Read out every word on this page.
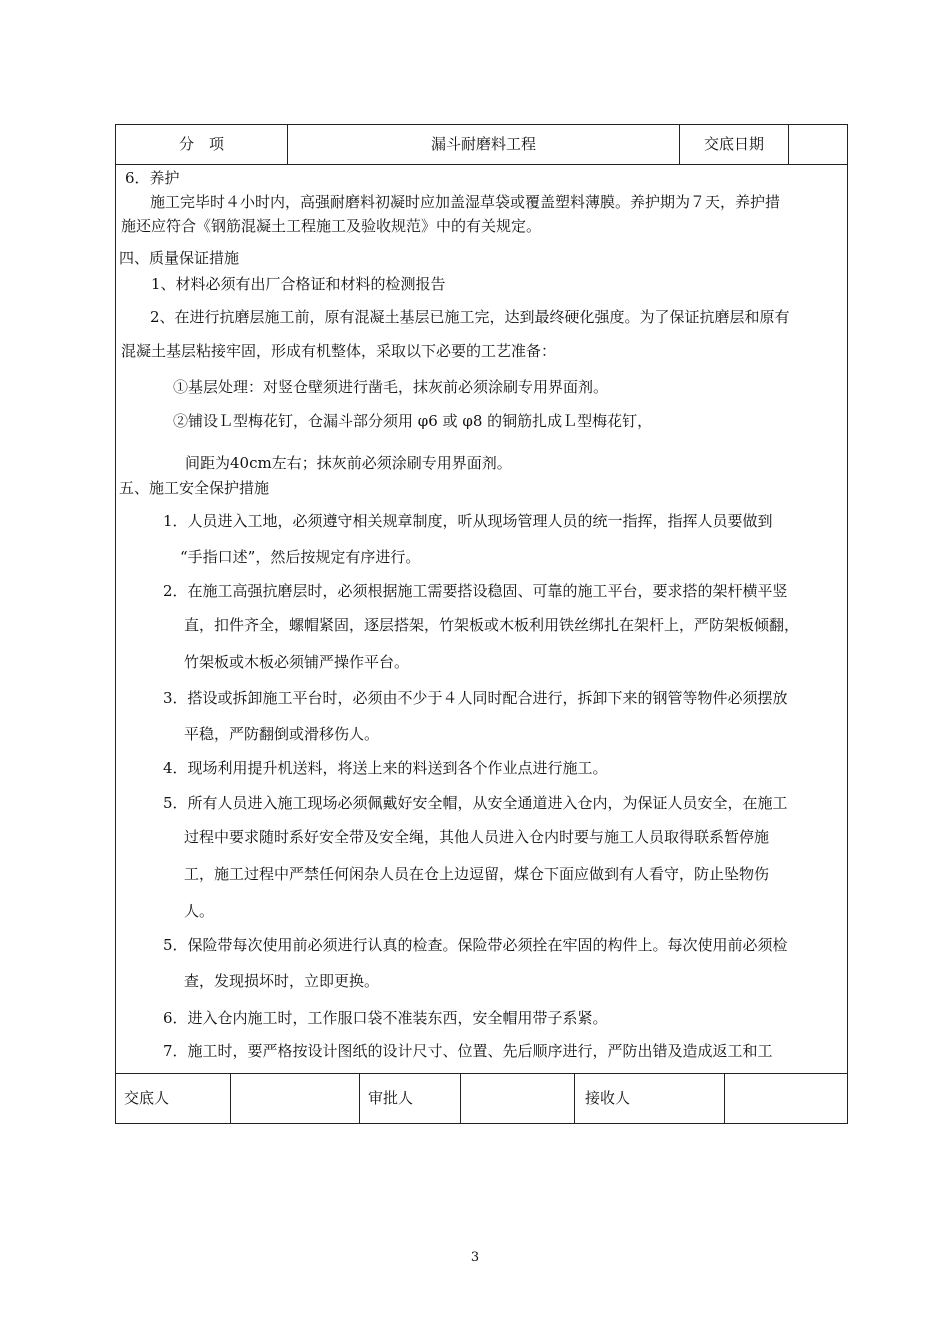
分　项	漏斗耐磨料工程	交底日期
6．养护
施工完毕时４小时内，高强耐磨料初凝时应加盖湿草袋或覆盖塑料薄膜。养护期为７天，养护措
施还应符合《钢筋混凝土工程施工及验收规范》中的有关规定。
四、质量保证措施
1、材料必须有出厂合格证和材料的检测报告
2、在进行抗磨层施工前，原有混凝土基层已施工完，达到最终硬化强度。为了保证抗磨层和原有
混凝土基层粘接牢固，形成有机整体，采取以下必要的工艺准备：
①基层处理：对竖仓壁须进行凿毛，抹灰前必须涂刷专用界面剂。
②铺设Ｌ型梅花钉，仓漏斗部分须用 φ6 或 φ8 的铜筋扎成Ｌ型梅花钉，
间距为40cm左右；抹灰前必须涂刷专用界面剂。
五、施工安全保护措施
1．人员进入工地，必须遵守相关规章制度，听从现场管理人员的统一指挥，指挥人员要做到
“手指口述”，然后按规定有序进行。
2．在施工高强抗磨层时，必须根据施工需要搭设稳固、可靠的施工平台，要求搭的架杆横平竖
直，扣件齐全，螺帽紧固，逐层搭架，竹架板或木板利用铁丝绑扎在架杆上，严防架板倾翻，
竹架板或木板必须铺严操作平台。
3．搭设或拆卸施工平台时，必须由不少于４人同时配合进行，拆卸下来的钢管等物件必须摆放
平稳，严防翻倒或滑移伤人。
4．现场利用提升机送料，将送上来的料送到各个作业点进行施工。
5．所有人员进入施工现场必须佩戴好安全帽，从安全通道进入仓内，为保证人员安全，在施工
过程中要求随时系好安全带及安全绳，其他人员进入仓内时要与施工人员取得联系暂停施
工，施工过程中严禁任何闲杂人员在仓上边逗留，煤仓下面应做到有人看守，防止坠物伤
人。
5．保险带每次使用前必须进行认真的检查。保险带必须拴在牢固的构件上。每次使用前必须检
查，发现损坏时，立即更换。
6．进入仓内施工时，工作服口袋不准装东西，安全帽用带子系紧。
7．施工时，要严格按设计图纸的设计尺寸、位置、先后顺序进行，严防出错及造成返工和工
交底人	审批人	接收人
3
